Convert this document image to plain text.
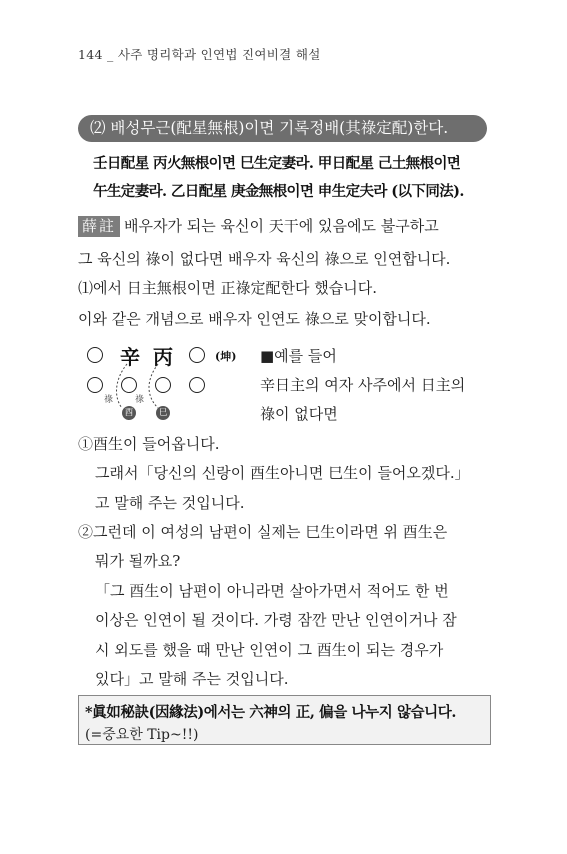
144 _ 사주 명리학과 인연법 진여비결 해설
⑵ 배성무근(配星無根)이면 기록정배(其祿定配)한다.
壬日配星 丙火無根이면 巳生定妻라. 甲日配星 己土無根이면
午生定妻라. 乙日配星 庚金無根이면 申生定夫라 (以下同法).
薛註 배우자가 되는 육신이 天干에 있음에도 불구하고
그 육신의 祿이 없다면 배우자 육신의 祿으로 인연합니다.
⑴에서 日主無根이면 正祿定配한다 했습니다.
이와 같은 개념으로 배우자 인연도 祿으로 맞이합니다.
辛 丙	(坤)
祿 祿
酉	巳
■예를 들어
辛日主의 여자 사주에서 日主의
祿이 없다면
①酉生이 들어옵니다.
그래서「당신의 신랑이 酉生아니면 巳生이 들어오겠다.」
고 말해 주는 것입니다.
②그런데 이 여성의 남편이 실제는 巳生이라면 위 酉生은
뭐가 될까요?
「그 酉生이 남편이 아니라면 살아가면서 적어도 한 번
이상은 인연이 될 것이다. 가령 잠깐 만난 인연이거나 잠
시 외도를 했을 때 만난 인연이 그 酉生이 되는 경우가
있다」고 말해 주는 것입니다.
*眞如秘訣(因緣法)에서는 六神의 正, 偏을 나누지 않습니다.
(=중요한 Tip~!!)
